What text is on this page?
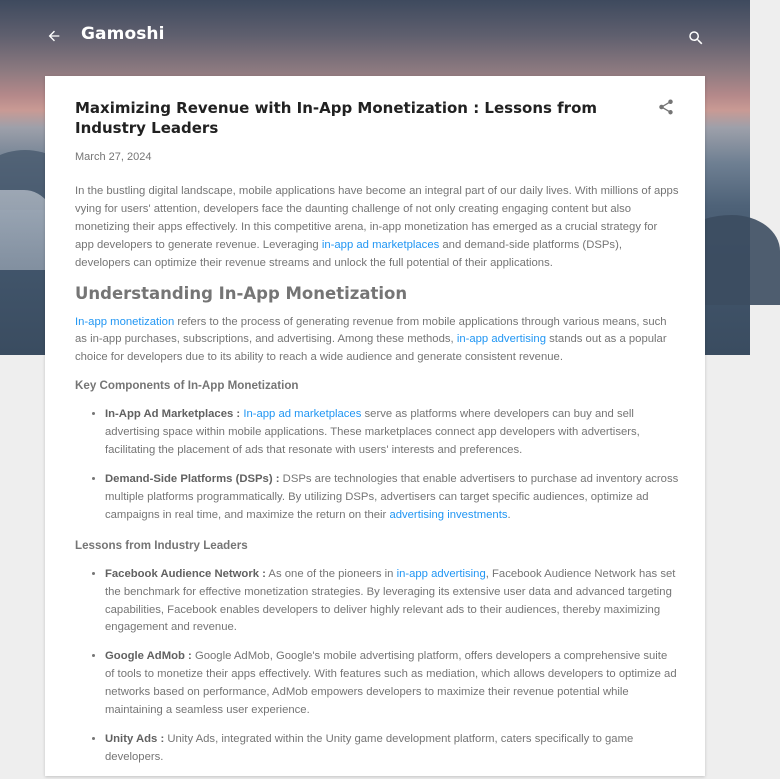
Gamoshi
Maximizing Revenue with In-App Monetization : Lessons from Industry Leaders
March 27, 2024

In the bustling digital landscape, mobile applications have become an integral part of our daily lives. With millions of apps vying for users' attention, developers face the daunting challenge of not only creating engaging content but also monetizing their apps effectively. In this competitive arena, in-app monetization has emerged as a crucial strategy for app developers to generate revenue. Leveraging in-app ad marketplaces and demand-side platforms (DSPs), developers can optimize their revenue streams and unlock the full potential of their applications.

Understanding In-App Monetization

In-app monetization refers to the process of generating revenue from mobile applications through various means, such as in-app purchases, subscriptions, and advertising. Among these methods, in-app advertising stands out as a popular choice for developers due to its ability to reach a wide audience and generate consistent revenue.

Key Components of In-App Monetization
• In-App Ad Marketplaces : In-app ad marketplaces serve as platforms where developers can buy and sell advertising space within mobile applications. These marketplaces connect app developers with advertisers, facilitating the placement of ads that resonate with users' interests and preferences.
• Demand-Side Platforms (DSPs) : DSPs are technologies that enable advertisers to purchase ad inventory across multiple platforms programmatically. By utilizing DSPs, advertisers can target specific audiences, optimize ad campaigns in real time, and maximize the return on their advertising investments.
Lessons from Industry Leaders
• Facebook Audience Network : As one of the pioneers in in-app advertising, Facebook Audience Network has set the benchmark for effective monetization strategies. By leveraging its extensive user data and advanced targeting capabilities, Facebook enables developers to deliver highly relevant ads to their audiences, thereby maximizing engagement and revenue.
• Google AdMob : Google AdMob, Google's mobile advertising platform, offers developers a comprehensive suite of tools to monetize their apps effectively. With features such as mediation, which allows developers to optimize ad networks based on performance, AdMob empowers developers to maximize their revenue potential while maintaining a seamless user experience.
• Unity Ads : Unity Ads, integrated within the Unity game development platform, caters specifically to game developers.
